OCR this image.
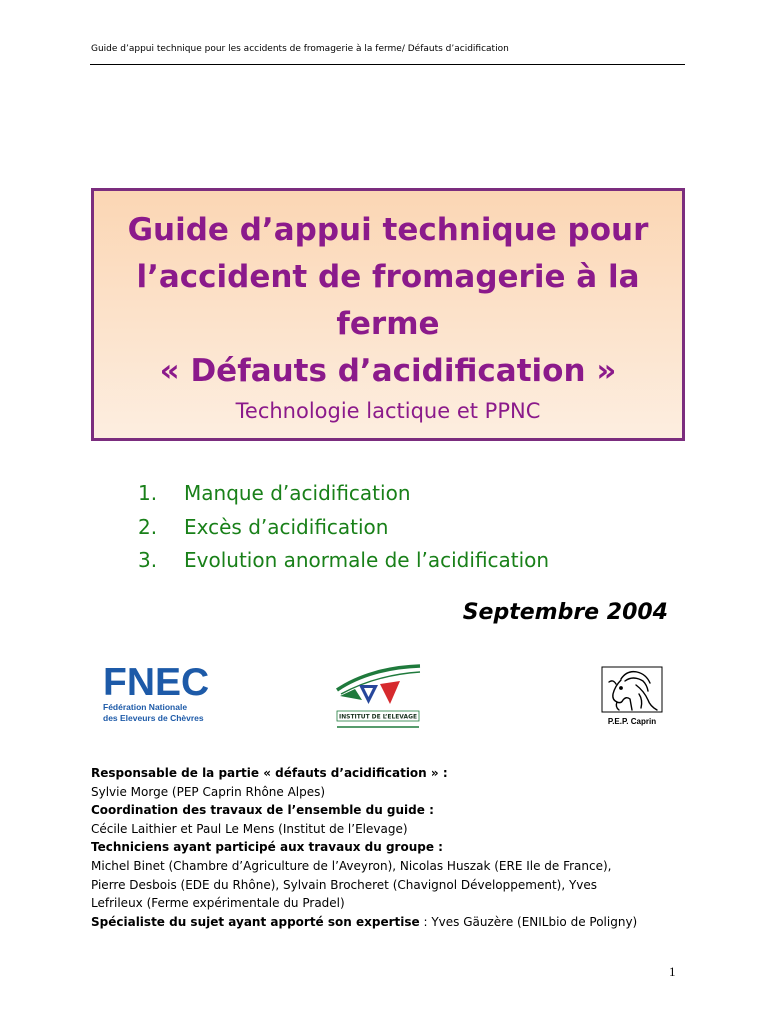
Guide d’appui technique pour les accidents de fromagerie à la ferme/ Défauts d’acidification
Guide d’appui technique pour
l’accident de fromagerie à la
ferme
« Défauts d’acidification »
Technologie lactique et PPNC
1. Manque d’acidification
2. Excès d’acidification
3. Evolution anormale de l’acidification
Septembre 2004
FNEC
Fédération Nationale
des Eleveurs de Chèvres	INSTITUT DE L’ELEVAGE
P.E.P. Caprin
Responsable de la partie « défauts d’acidification » :
Sylvie Morge (PEP Caprin Rhône Alpes)
Coordination des travaux de l’ensemble du guide :
Cécile Laithier et Paul Le Mens (Institut de l’Elevage)
Techniciens ayant participé aux travaux du groupe :
Michel Binet (Chambre d’Agriculture de l’Aveyron), Nicolas Huszak (ERE Ile de France),
Pierre Desbois (EDE du Rhône), Sylvain Brocheret (Chavignol Développement), Yves
Lefrileux (Ferme expérimentale du Pradel)
Spécialiste du sujet ayant apporté son expertise : Yves Gäuzère (ENILbio de Poligny)
1
